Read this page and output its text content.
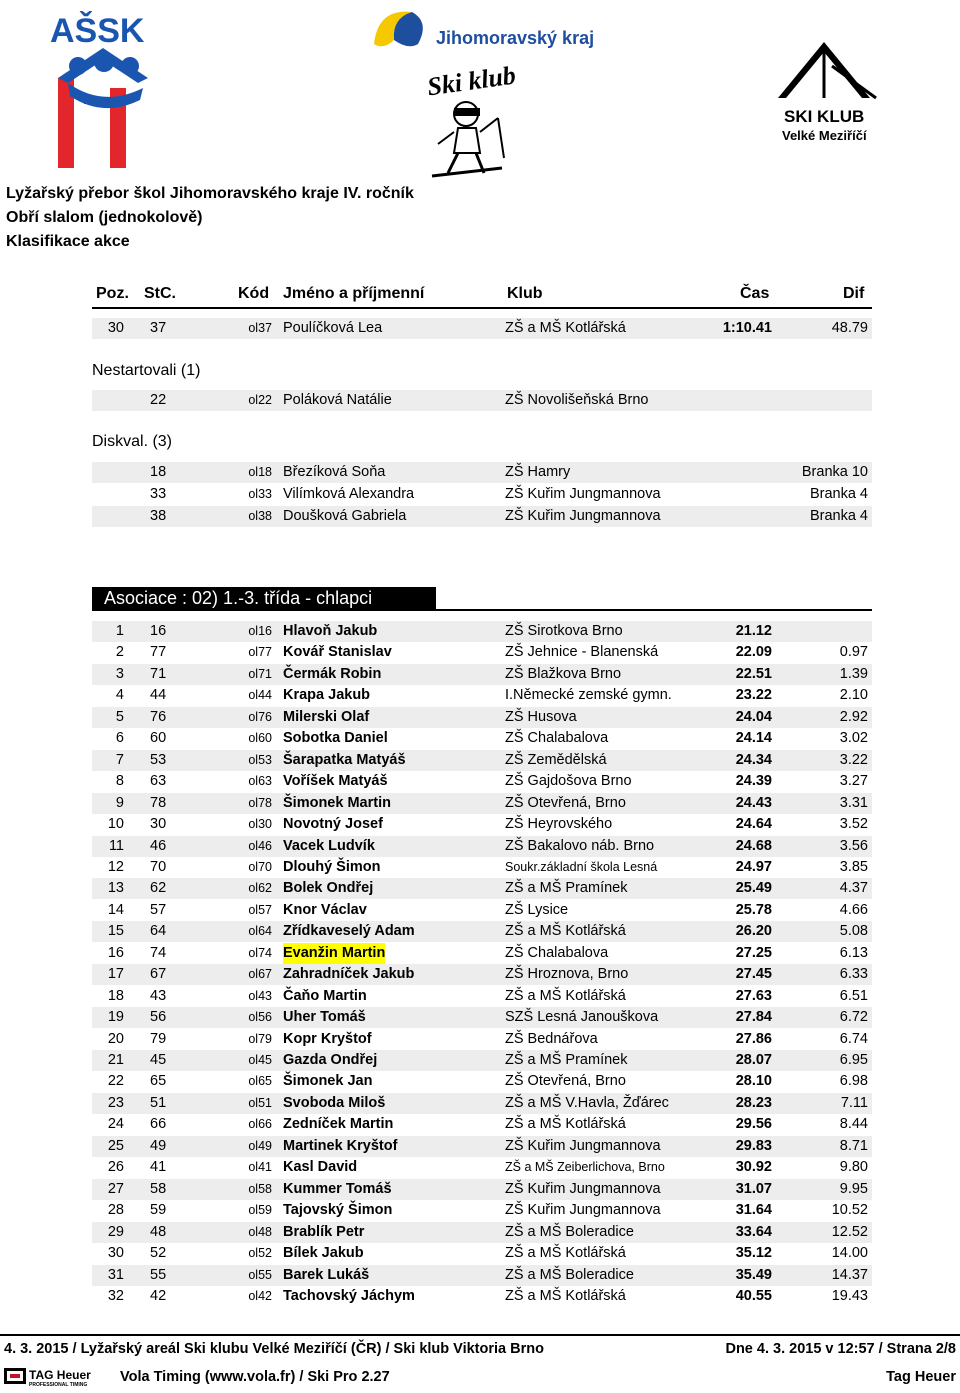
AŠSK	Jihomoravský kraj
Ski klub
SKI KLUB
Velké Meziříčí
Lyžařský přebor škol Jihomoravského kraje IV. ročník
Obří slalom (jednokolově)
Klasifikace akce
Poz. StC.	Kód Jméno a příjmenní	Klub	Čas	Dif
30 37	ol37 Poulíčková Lea	ZŠ a MŠ Kotlářská	1:10.41	48.79
Nestartovali (1)
22	ol22 Poláková Natálie	ZŠ Novolišeňská Brno
Diskval. (3)
18	ol18 Březíková Soňa	ZŠ Hamry	Branka 10
33	ol33 Vilímková Alexandra	ZŠ Kuřim Jungmannova	Branka 4
38	ol38 Doušková Gabriela	ZŠ Kuřim Jungmannova	Branka 4
Asociace : 02) 1.-3. třída - chlapci
1 16	ol16 Hlavoň Jakub	ZŠ Sirotkova Brno	21.12
2 77	ol77 Kovář Stanislav	ZŠ Jehnice - Blanenská	22.09	0.97
3 71	ol71 Čermák Robin	ZŠ Blažkova Brno	22.51	1.39
4 44	ol44 Krapa Jakub	I.Německé zemské gymn.	23.22	2.10
5 76	ol76 Milerski Olaf	ZŠ Husova	24.04	2.92
6 60	ol60 Sobotka Daniel	ZŠ Chalabalova	24.14	3.02
7 53	ol53 Šarapatka Matyáš	ZŠ Zemědělská	24.34	3.22
8 63	ol63 Voříšek Matyáš	ZŠ Gajdošova Brno	24.39	3.27
9 78	ol78 Šimonek Martin	ZŠ Otevřená, Brno	24.43	3.31
10 30	ol30 Novotný Josef	ZŠ Heyrovského	24.64	3.52
11 46	ol46 Vacek Ludvík	ZŠ Bakalovo náb. Brno	24.68	3.56
12 70	ol70 Dlouhý Šimon	Soukr.základní škola Lesná	24.97	3.85
13 62	ol62 Bolek Ondřej	ZŠ a MŠ Pramínek	25.49	4.37
14 57	ol57 Knor Václav	ZŠ Lysice	25.78	4.66
15 64	ol64 Zřídkaveselý Adam	ZŠ a MŠ Kotlářská	26.20	5.08
16 74	ol74 Evanžin Martin	ZŠ Chalabalova	27.25	6.13
17 67	ol67 Zahradníček Jakub	ZŠ Hroznova, Brno	27.45	6.33
18 43	ol43 Čaňo Martin	ZŠ a MŠ Kotlářská	27.63	6.51
19 56	ol56 Uher Tomáš	SZŠ Lesná Janouškova	27.84	6.72
20 79	ol79 Kopr Kryštof	ZŠ Bednářova	27.86	6.74
21 45	ol45 Gazda Ondřej	ZŠ a MŠ Pramínek	28.07	6.95
22 65	ol65 Šimonek Jan	ZŠ Otevřená, Brno	28.10	6.98
23 51	ol51 Svoboda Miloš	ZŠ a MŠ V.Havla, Žďárec	28.23	7.11
24 66	ol66 Zedníček Martin	ZŠ a MŠ Kotlářská	29.56	8.44
25 49	ol49 Martinek Kryštof	ZŠ Kuřim Jungmannova	29.83	8.71
26 41	ol41 Kasl David	ZŠ a MŠ Zeiberlichova, Brno	30.92	9.80
27 58	ol58 Kummer Tomáš	ZŠ Kuřim Jungmannova	31.07	9.95
28 59	ol59 Tajovský Šimon	ZŠ Kuřim Jungmannova	31.64	10.52
29 48	ol48 Brablík Petr	ZŠ a MŠ Boleradice	33.64	12.52
30 52	ol52 Bílek Jakub	ZŠ a MŠ Kotlářská	35.12	14.00
31 55	ol55 Barek Lukáš	ZŠ a MŠ Boleradice	35.49	14.37
32 42	ol42 Tachovský Jáchym	ZŠ a MŠ Kotlářská	40.55	19.43
4. 3. 2015 / Lyžařský areál Ski klubu Velké Meziříčí (ČR) / Ski klub Viktoria Brno	Dne 4. 3. 2015 v 12:57 / Strana 2/8
TAG Heuer
PROFESSIONAL TIMING Vola Timing (www.vola.fr) / Ski Pro 2.27	Tag Heuer
